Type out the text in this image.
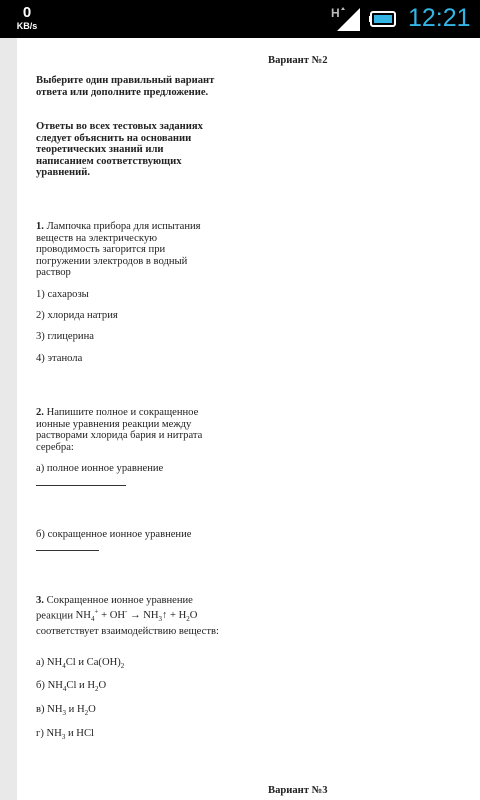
0
KB/s
H	12:21
Вариант №2
Выберите один правильный вариант ответа или дополните предложение.
Ответы во всех тестовых заданиях следует объяснить на основании теоретических знаний или написанием соответствующих уравнений.
1. Лампочка прибора для испытания веществ на электрическую проводимость загорится при погружении электродов в водный раствор
1) сахарозы
2) хлорида натрия
3) глицерина
4) этанола
2. Напишите полное и сокращенное ионные уравнения реакции между растворами хлорида бария и нитрата серебра:
а) полное ионное уравнение
б) сокращенное ионное уравнение
3. Сокращенное ионное уравнение реакции $NH_4^+ + OH^-$ → $NH_3↑ + H_2O$ соответствует взаимодействию веществ:
а) $NH_4Cl$ и $Ca(OH)_2$
б) $NH_4Cl$ и $H_2O$
в) $NH_3$ и $H_2O$
г) $NH_3$ и HCl
Вариант №3
